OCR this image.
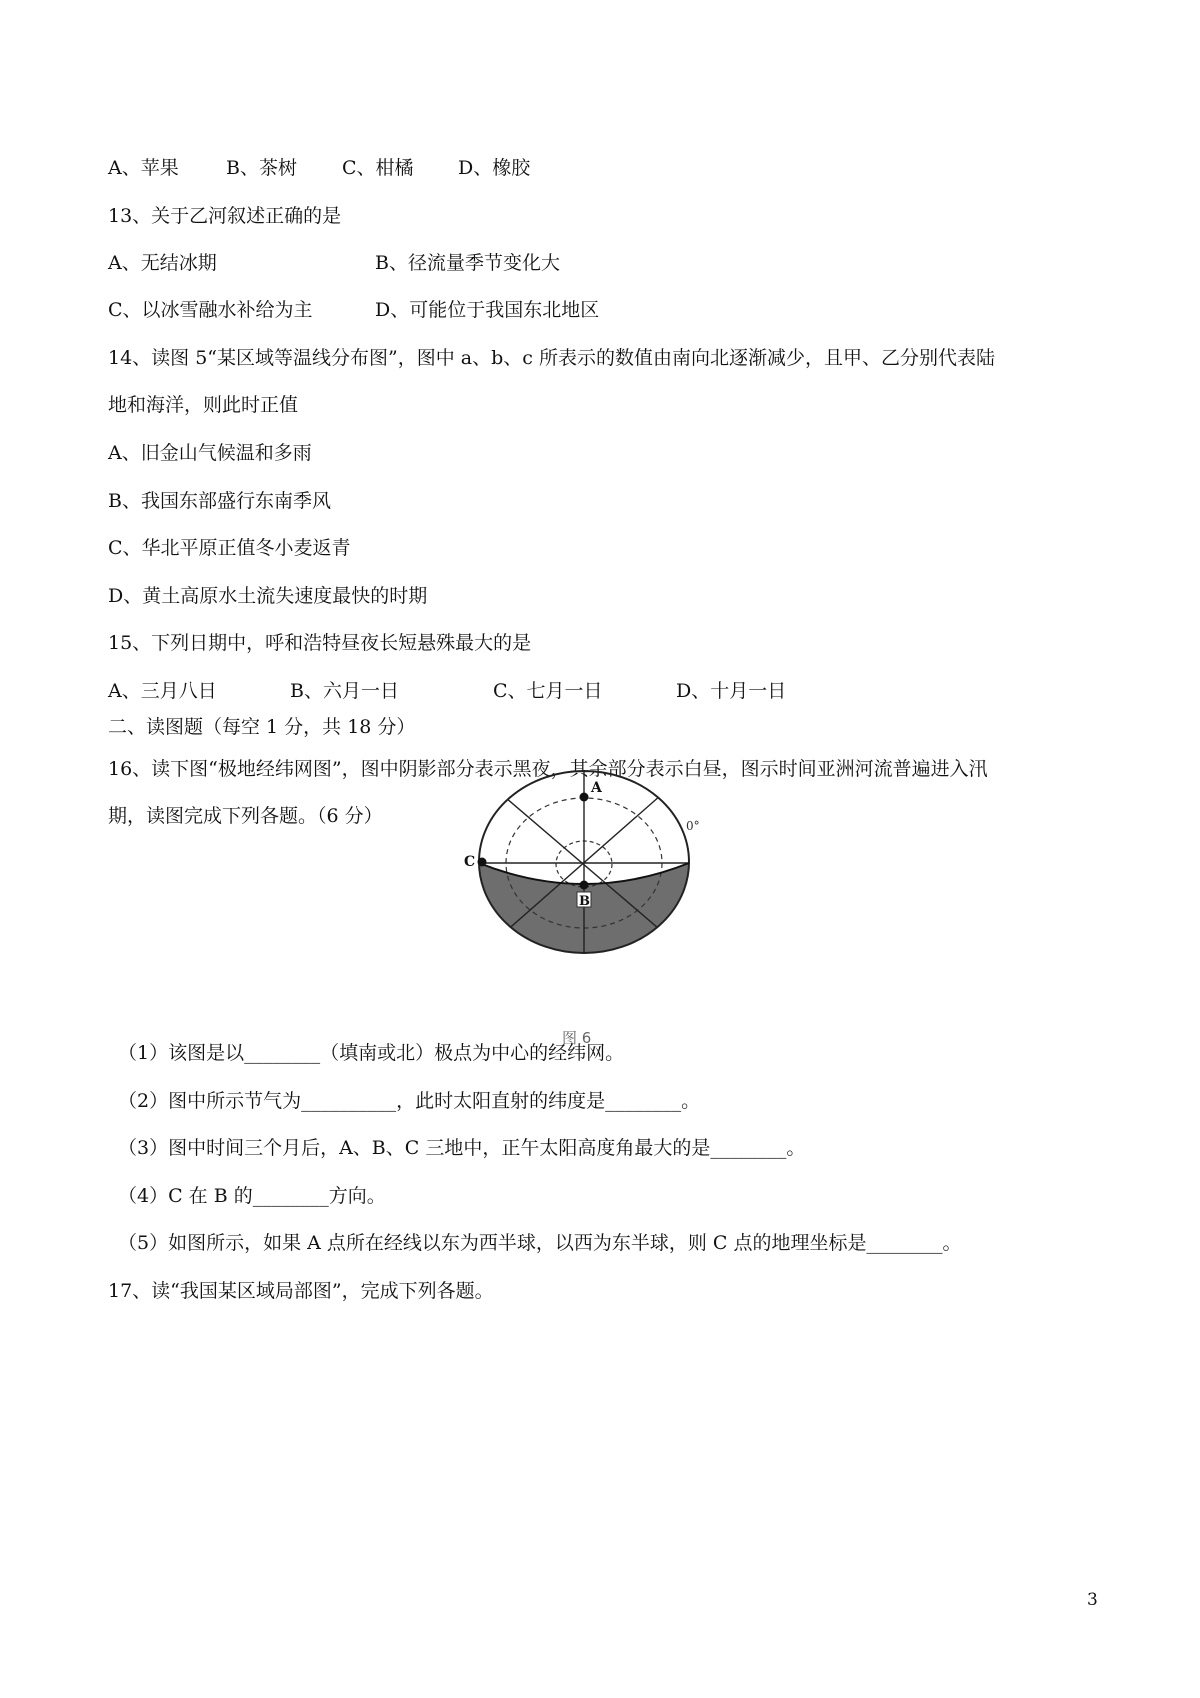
A、苹果 B、茶树 C、柑橘 D、橡胶
13、关于乙河叙述正确的是
A、无结冰期	B、径流量季节变化大
C、以冰雪融水补给为主	D、可能位于我国东北地区
14、读图 5“某区域等温线分布图”，图中 a、b、c 所表示的数值由南向北逐渐减少，且甲、乙分别代表陆
地和海洋，则此时正值
A、旧金山气候温和多雨
B、我国东部盛行东南季风
C、华北平原正值冬小麦返青
D、黄土高原水土流失速度最快的时期
15、下列日期中，呼和浩特昼夜长短悬殊最大的是
A、三月八日	B、六月一日	C、七月一日	D、十月一日
二、读图题（每空 1 分，共 18 分）
16、读下图“极地经纬网图”，图中阴影部分表示黑夜，其余部分表示白昼，图示时间亚洲河流普遍进入汛
期，读图完成下列各题。（6 分）
A
B
C
0°
图 6
（1）该图是以________（填南或北）极点为中心的经纬网。
（2）图中所示节气为__________，此时太阳直射的纬度是________。
（3）图中时间三个月后，A、B、C 三地中，正午太阳高度角最大的是________。
（4）C 在 B 的________方向。
（5）如图所示，如果 A 点所在经线以东为西半球，以西为东半球，则 C 点的地理坐标是________。
17、读“我国某区域局部图”，完成下列各题。
3
